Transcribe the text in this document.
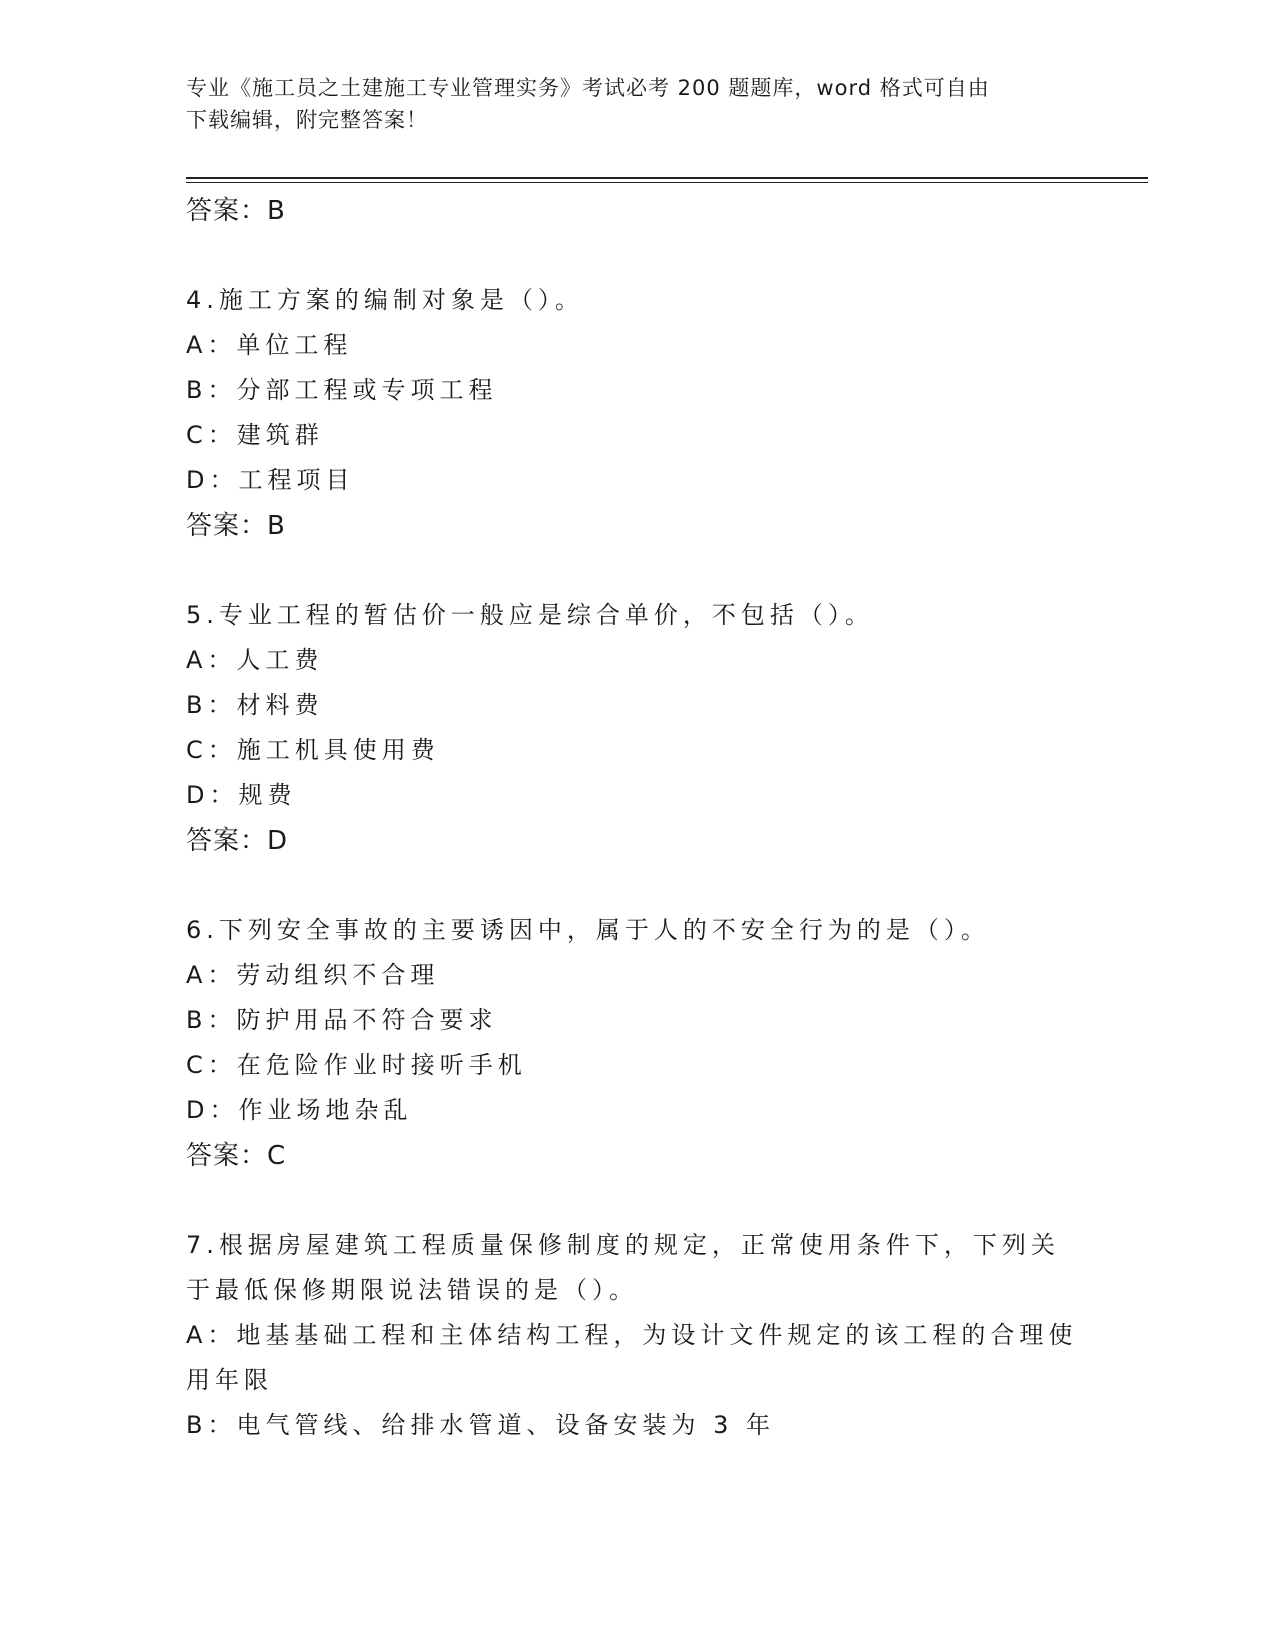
专业《施工员之土建施工专业管理实务》考试必考 200 题题库，word 格式可自由
下载编辑，附完整答案！
答案：B
4.施工方案的编制对象是（）。
A：单位工程
B：分部工程或专项工程
C：建筑群
D：工程项目
答案：B
5.专业工程的暂估价一般应是综合单价，不包括（）。
A：人工费
B：材料费
C：施工机具使用费
D：规费
答案：D
6.下列安全事故的主要诱因中，属于人的不安全行为的是（）。
A：劳动组织不合理
B：防护用品不符合要求
C：在危险作业时接听手机
D：作业场地杂乱
答案：C
7.根据房屋建筑工程质量保修制度的规定，正常使用条件下，下列关
于最低保修期限说法错误的是（）。
A：地基基础工程和主体结构工程，为设计文件规定的该工程的合理使
用年限
B：电气管线、给排水管道、设备安装为 3 年
